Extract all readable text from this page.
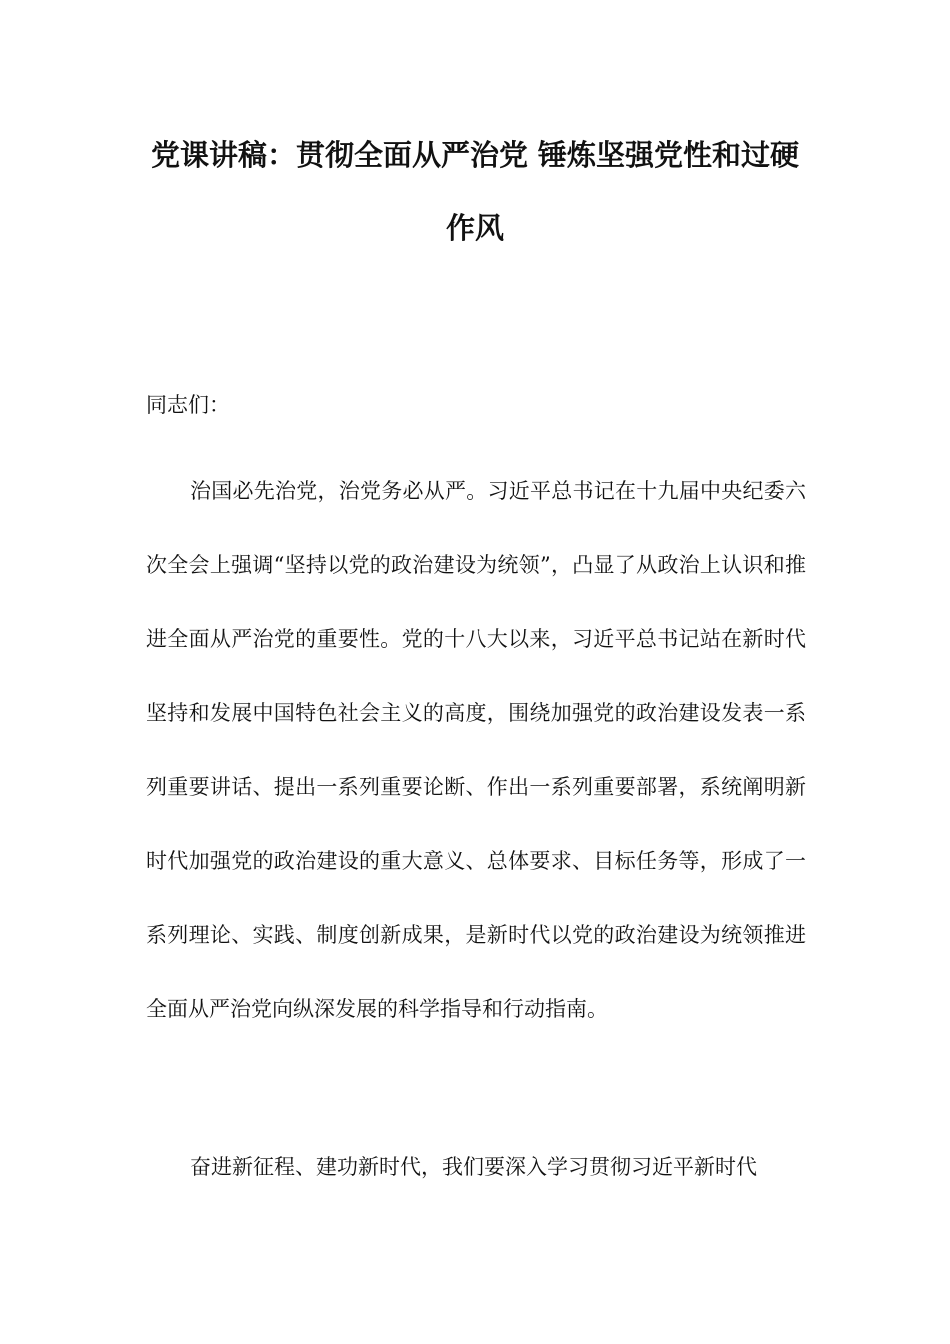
党课讲稿：贯彻全面从严治党 锤炼坚强党性和过硬
作风

同志们：

治国必先治党，治党务必从严。习近平总书记在十九届中央纪委六次全会上强调“坚持以党的政治建设为统领”，凸显了从政治上认识和推进全面从严治党的重要性。党的十八大以来，习近平总书记站在新时代坚持和发展中国特色社会主义的高度，围绕加强党的政治建设发表一系列重要讲话、提出一系列重要论断、作出一系列重要部署，系统阐明新时代加强党的政治建设的重大意义、总体要求、目标任务等，形成了一系列理论、实践、制度创新成果，是新时代以党的政治建设为统领推进全面从严治党向纵深发展的科学指导和行动指南。

奋进新征程、建功新时代，我们要深入学习贯彻习近平新时代
